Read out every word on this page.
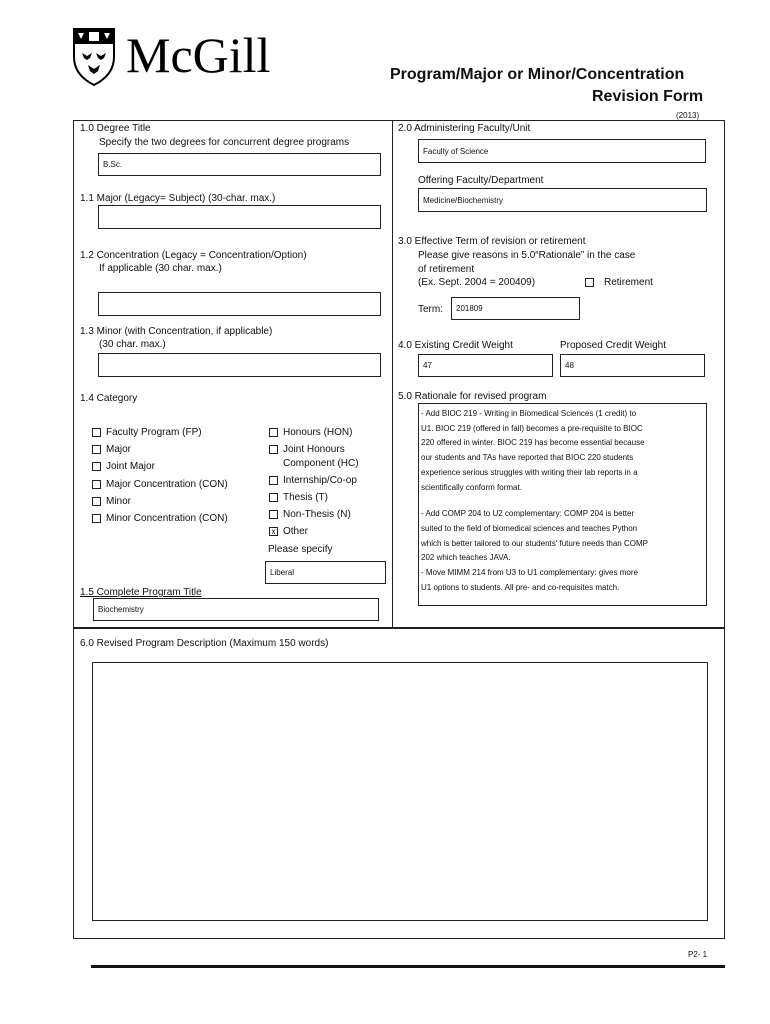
McGill	Program/Major or Minor/Concentration
Revision Form
(2013)
1.0 Degree Title
Specify the two degrees for concurrent degree programs
B.Sc.
1.1 Major (Legacy= Subject) (30-char. max.)
1.2 Concentration (Legacy = Concentration/Option)
If applicable (30 char. max.)
1.3 Minor (with Concentration, if applicable)
(30 char. max.)
1.4 Category
Faculty Program (FP)
Major
Joint Major
Major Concentration (CON)
Minor
Minor Concentration (CON)
Honours (HON)
Joint Honours
Component (HC)
Internship/Co-op
Thesis (T)
Non-Thesis (N)
x Other
Please specify
Liberal
1.5 Complete Program Title
Biochemistry
2.0 Administering Faculty/Unit
Faculty of Science
Offering Faculty/Department
Medicine/Biochemistry
3.0 Effective Term of revision or retirement
Please give reasons in 5.0“Rationale” in the case
of retirement
(Ex. Sept. 2004 = 200409)	Retirement
Term:	201809
4.0 Existing Credit Weight
47
Proposed Credit Weight
48
5.0 Rationale for revised program
- Add BIOC 219 - Writing in Biomedical Sciences (1 credit) to
U1. BIOC 219 (offered in fall) becomes a pre-requisite to BIOC
220 offered in winter. BIOC 219 has become essential because
our students and TAs have reported that BIOC 220 students
experience serious struggles with writing their lab reports in a
scientifically conform format.
- Add COMP 204 to U2 complementary: COMP 204 is better
suited to the field of biomedical sciences and teaches Python
which is better tailored to our students' future needs than COMP
202 which teaches JAVA.
- Move MIMM 214 from U3 to U1 complementary: gives more
U1 options to students. All pre- and co-requisites match.
6.0 Revised Program Description (Maximum 150 words)
P2- 1
